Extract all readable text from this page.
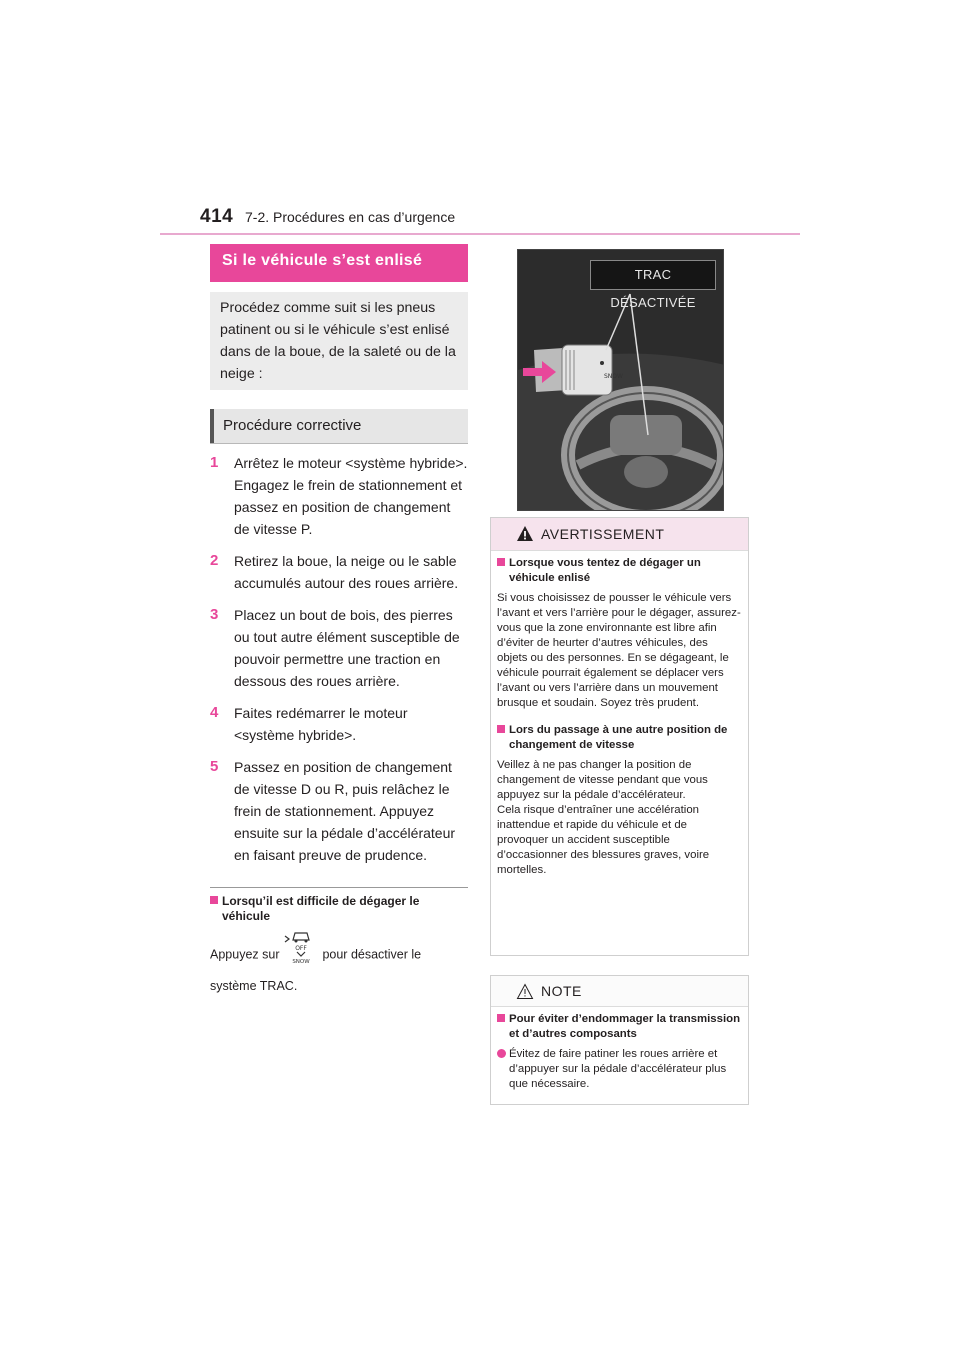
414 7-2. Procédures en cas d’urgence
Si le véhicule s’est enlisé
Procédez comme suit si les pneus patinent ou si le véhicule s’est enlisé dans de la boue, de la saleté ou de la neige :
Procédure corrective
1 Arrêtez le moteur <système hybride>. Engagez le frein de stationnement et passez en position de changement de vitesse P.
2 Retirez la boue, la neige ou le sable accumulés autour des roues arrière.
3 Placez un bout de bois, des pierres ou tout autre élément susceptible de pouvoir permettre une traction en dessous des roues arrière.
4 Faites redémarrer le moteur <système hybride>.
5 Passez en position de changement de vitesse D ou R, puis relâchez le frein de stationnement. Appuyez ensuite sur la pédale d’accélérateur en faisant preuve de prudence.
Lorsqu’il est difficile de dégager le véhicule
Appuyez sur	OFF
SNOW
pour désactiver le système TRAC.
SNOW
TRAC DÉSACTIVÉE
AVERTISSEMENT
Lorsque vous tentez de dégager un véhicule enlisé
Si vous choisissez de pousser le véhicule vers l’avant et vers l’arrière pour le dégager, assurez-vous que la zone environnante est libre afin d’éviter de heurter d’autres véhicules, des objets ou des personnes. En se dégageant, le véhicule pourrait également se déplacer vers l’avant ou vers l’arrière dans un mouvement brusque et soudain. Soyez très prudent.
Lors du passage à une autre position de changement de vitesse
Veillez à ne pas changer la position de changement de vitesse pendant que vous appuyez sur la pédale d’accélérateur.
Cela risque d’entraîner une accélération inattendue et rapide du véhicule et de provoquer un accident susceptible d’occasionner des blessures graves, voire mortelles.
NOTE
Pour éviter d’endommager la transmission et d’autres composants
Évitez de faire patiner les roues arrière et d’appuyer sur la pédale d’accélérateur plus que nécessaire.
